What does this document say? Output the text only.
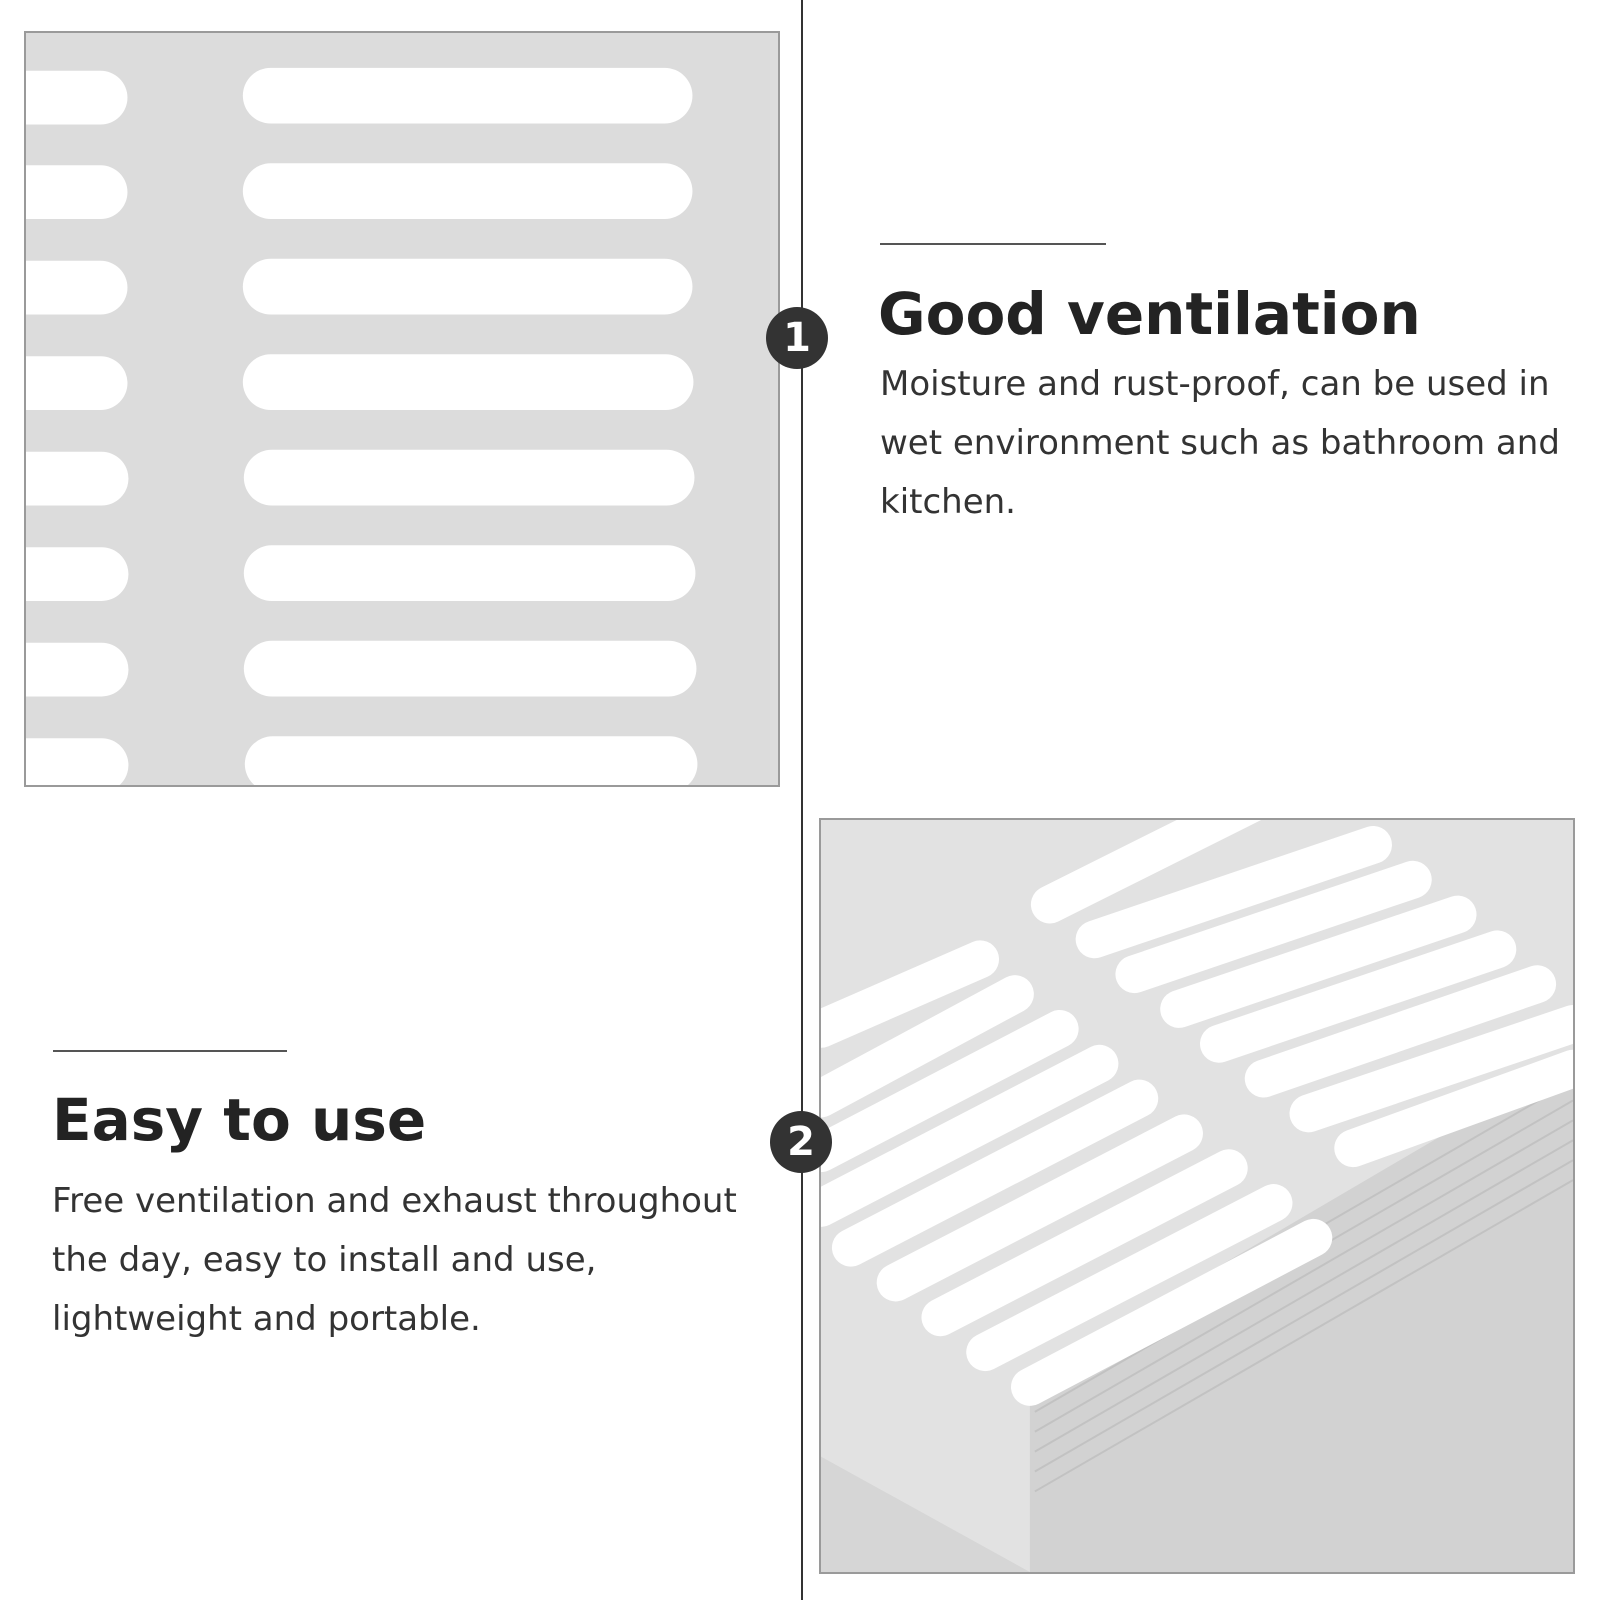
1 Good ventilation

Moisture and rust-proof, can be used in wet environment such as bathroom and kitchen.

Easy to use

Free ventilation and exhaust throughout the day, easy to install and use, lightweight and portable.

2
